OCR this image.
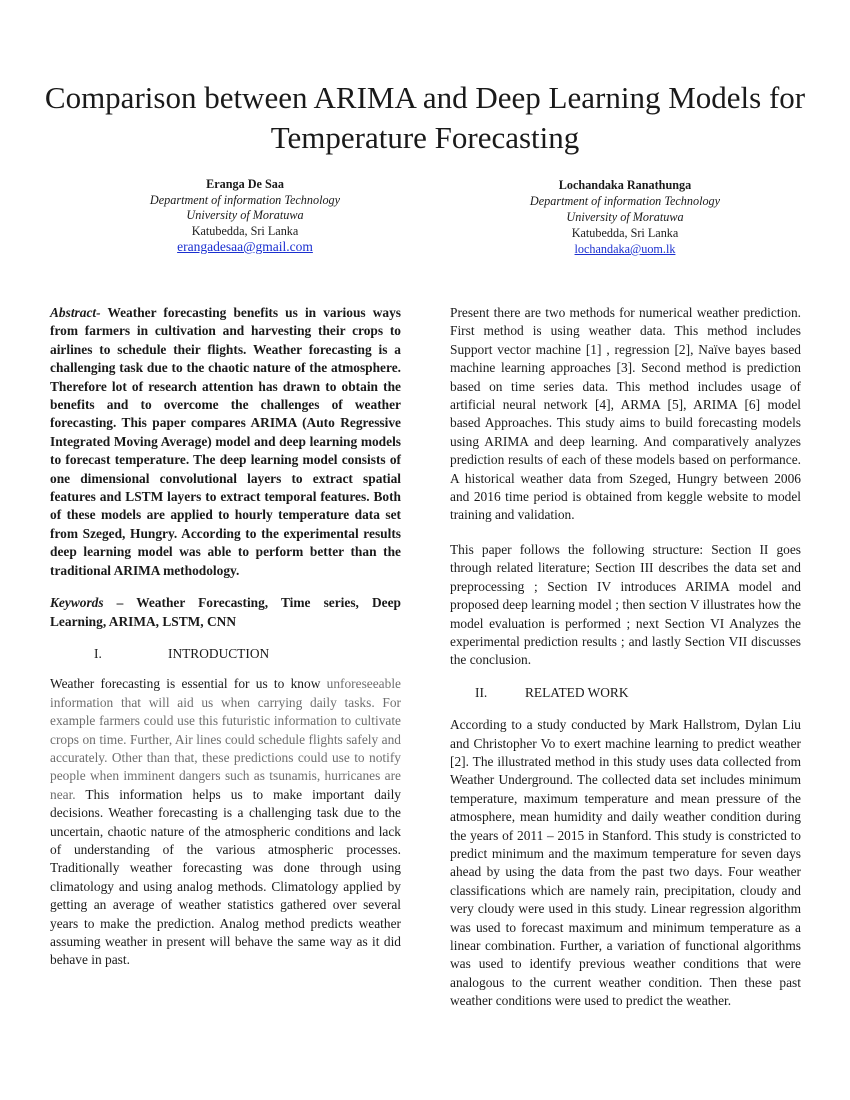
Comparison between ARIMA and Deep Learning Models for Temperature Forecasting
Eranga De Saa
Department of information Technology
University of Moratuwa
Katubedda, Sri Lanka
erangadesaa@gmail.com
Lochandaka Ranathunga
Department of information Technology
University of Moratuwa
Katubedda, Sri Lanka
lochandaka@uom.lk

Abstract- Weather forecasting benefits us in various ways from farmers in cultivation and harvesting their crops to airlines to schedule their flights. Weather forecasting is a challenging task due to the chaotic nature of the atmosphere. Therefore lot of research attention has drawn to obtain the benefits and to overcome the challenges of weather forecasting. This paper compares ARIMA (Auto Regressive Integrated Moving Average) model and deep learning models to forecast temperature. The deep learning model consists of one dimensional convolutional layers to extract spatial features and LSTM layers to extract temporal features. Both of these models are applied to hourly temperature data set from Szeged, Hungry. According to the experimental results deep learning model was able to perform better than the traditional ARIMA methodology.

Keywords – Weather Forecasting, Time series, Deep Learning, ARIMA, LSTM, CNN

I.	INTRODUCTION

Weather forecasting is essential for us to know unforeseeable information that will aid us when carrying daily tasks. For example farmers could use this futuristic information to cultivate crops on time. Further, Air lines could schedule flights safely and accurately. Other than that, these predictions could use to notify people when imminent dangers such as tsunamis, hurricanes are near. This information helps us to make important daily decisions. Weather forecasting is a challenging task due to the uncertain, chaotic nature of the atmospheric conditions and lack of understanding of the various atmospheric processes. Traditionally weather forecasting was done through using climatology and using analog methods. Climatology applied by getting an average of weather statistics gathered over several years to make the prediction. Analog method predicts weather assuming weather in present will behave the same way as it did behave in past.

Present there are two methods for numerical weather prediction. First method is using weather data. This method includes Support vector machine [1] , regression [2], Naïve bayes based machine learning approaches [3]. Second method is prediction based on time series data. This method includes usage of artificial neural network [4], ARMA [5], ARIMA [6] model based Approaches. This study aims to build forecasting models using ARIMA and deep learning. And comparatively analyzes prediction results of each of these models based on performance. A historical weather data from Szeged, Hungry between 2006 and 2016 time period is obtained from keggle website to model training and validation.

This paper follows the following structure: Section II goes through related literature; Section III describes the data set and preprocessing ; Section IV introduces ARIMA model and proposed deep learning model ; then section V illustrates how the model evaluation is performed ; next Section VI Analyzes the experimental prediction results ; and lastly Section VII discusses the conclusion.

II.	RELATED WORK

According to a study conducted by Mark Hallstrom, Dylan Liu and Christopher Vo to exert machine learning to predict weather [2]. The illustrated method in this study uses data collected from Weather Underground. The collected data set includes minimum temperature, maximum temperature and mean pressure of the atmosphere, mean humidity and daily weather condition during the years of 2011 – 2015 in Stanford. This study is constricted to predict minimum and the maximum temperature for seven days ahead by using the data from the past two days. Four weather classifications which are namely rain, precipitation, cloudy and very cloudy were used in this study. Linear regression algorithm was used to forecast maximum and minimum temperature as a linear combination. Further, a variation of functional algorithms was used to identify previous weather conditions that were analogous to the current weather condition. Then these past weather conditions were used to predict the weather.
